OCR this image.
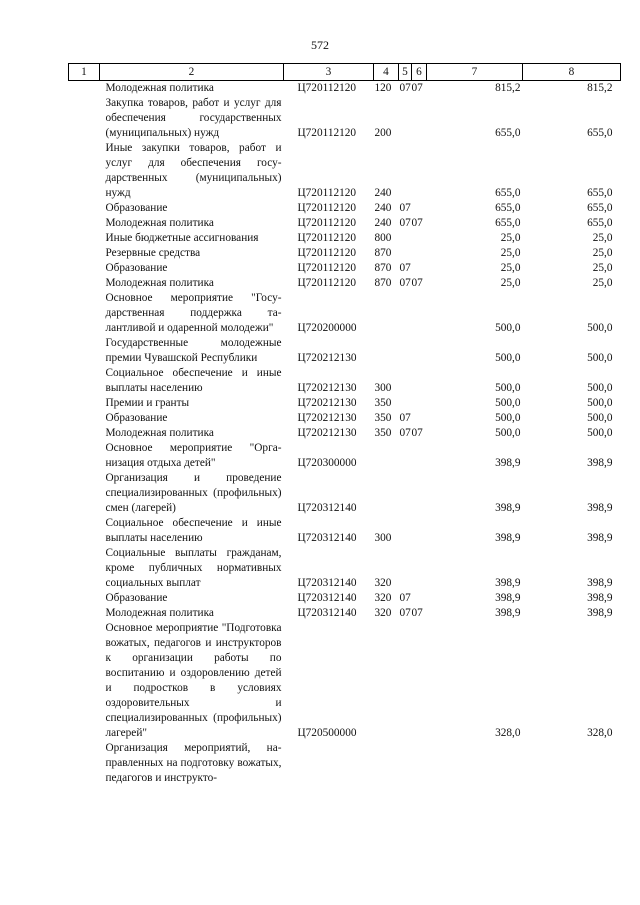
572
1	2	3	4	5	6	7	8
	Молодежная политика	Ц720112120	120	07	07	815,2	815,2
	Закупка товаров, работ и услуг для обеспечения государственных (муниципальных) нужд	Ц720112120	200			655,0	655,0
	Иные закупки товаров, работ и услуг для обеспечения государственных (муниципальных) нужд	Ц720112120	240			655,0	655,0
	Образование	Ц720112120	240	07		655,0	655,0
	Молодежная политика	Ц720112120	240	07	07	655,0	655,0
	Иные бюджетные ассигнования	Ц720112120	800			25,0	25,0
	Резервные средства	Ц720112120	870			25,0	25,0
	Образование	Ц720112120	870	07		25,0	25,0
	Молодежная политика	Ц720112120	870	07	07	25,0	25,0
	Основное мероприятие "Государственная поддержка талантливой и одаренной молодежи"	Ц720200000				500,0	500,0
	Государственные молодежные премии Чувашской Республики	Ц720212130				500,0	500,0
	Социальное обеспечение и иные выплаты населению	Ц720212130	300			500,0	500,0
	Премии и гранты	Ц720212130	350			500,0	500,0
	Образование	Ц720212130	350	07		500,0	500,0
	Молодежная политика	Ц720212130	350	07	07	500,0	500,0
	Основное мероприятие "Организация отдыха детей"	Ц720300000				398,9	398,9
	Организация и проведение специализированных (профильных) смен (лагерей)	Ц720312140				398,9	398,9
	Социальное обеспечение и иные выплаты населению	Ц720312140	300			398,9	398,9
	Социальные выплаты гражданам, кроме публичных нормативных социальных выплат	Ц720312140	320			398,9	398,9
	Образование	Ц720312140	320	07		398,9	398,9
	Молодежная политика	Ц720312140	320	07	07	398,9	398,9
	Основное мероприятие "Подготовка вожатых, педагогов и инструкторов к организации работы по воспитанию и оздоровлению детей и подростков в условиях оздоровительных и специализированных (профильных) лагерей"	Ц720500000				328,0	328,0
	Организация мероприятий, направленных на подготовку вожатых, педагогов и инструкто-						
